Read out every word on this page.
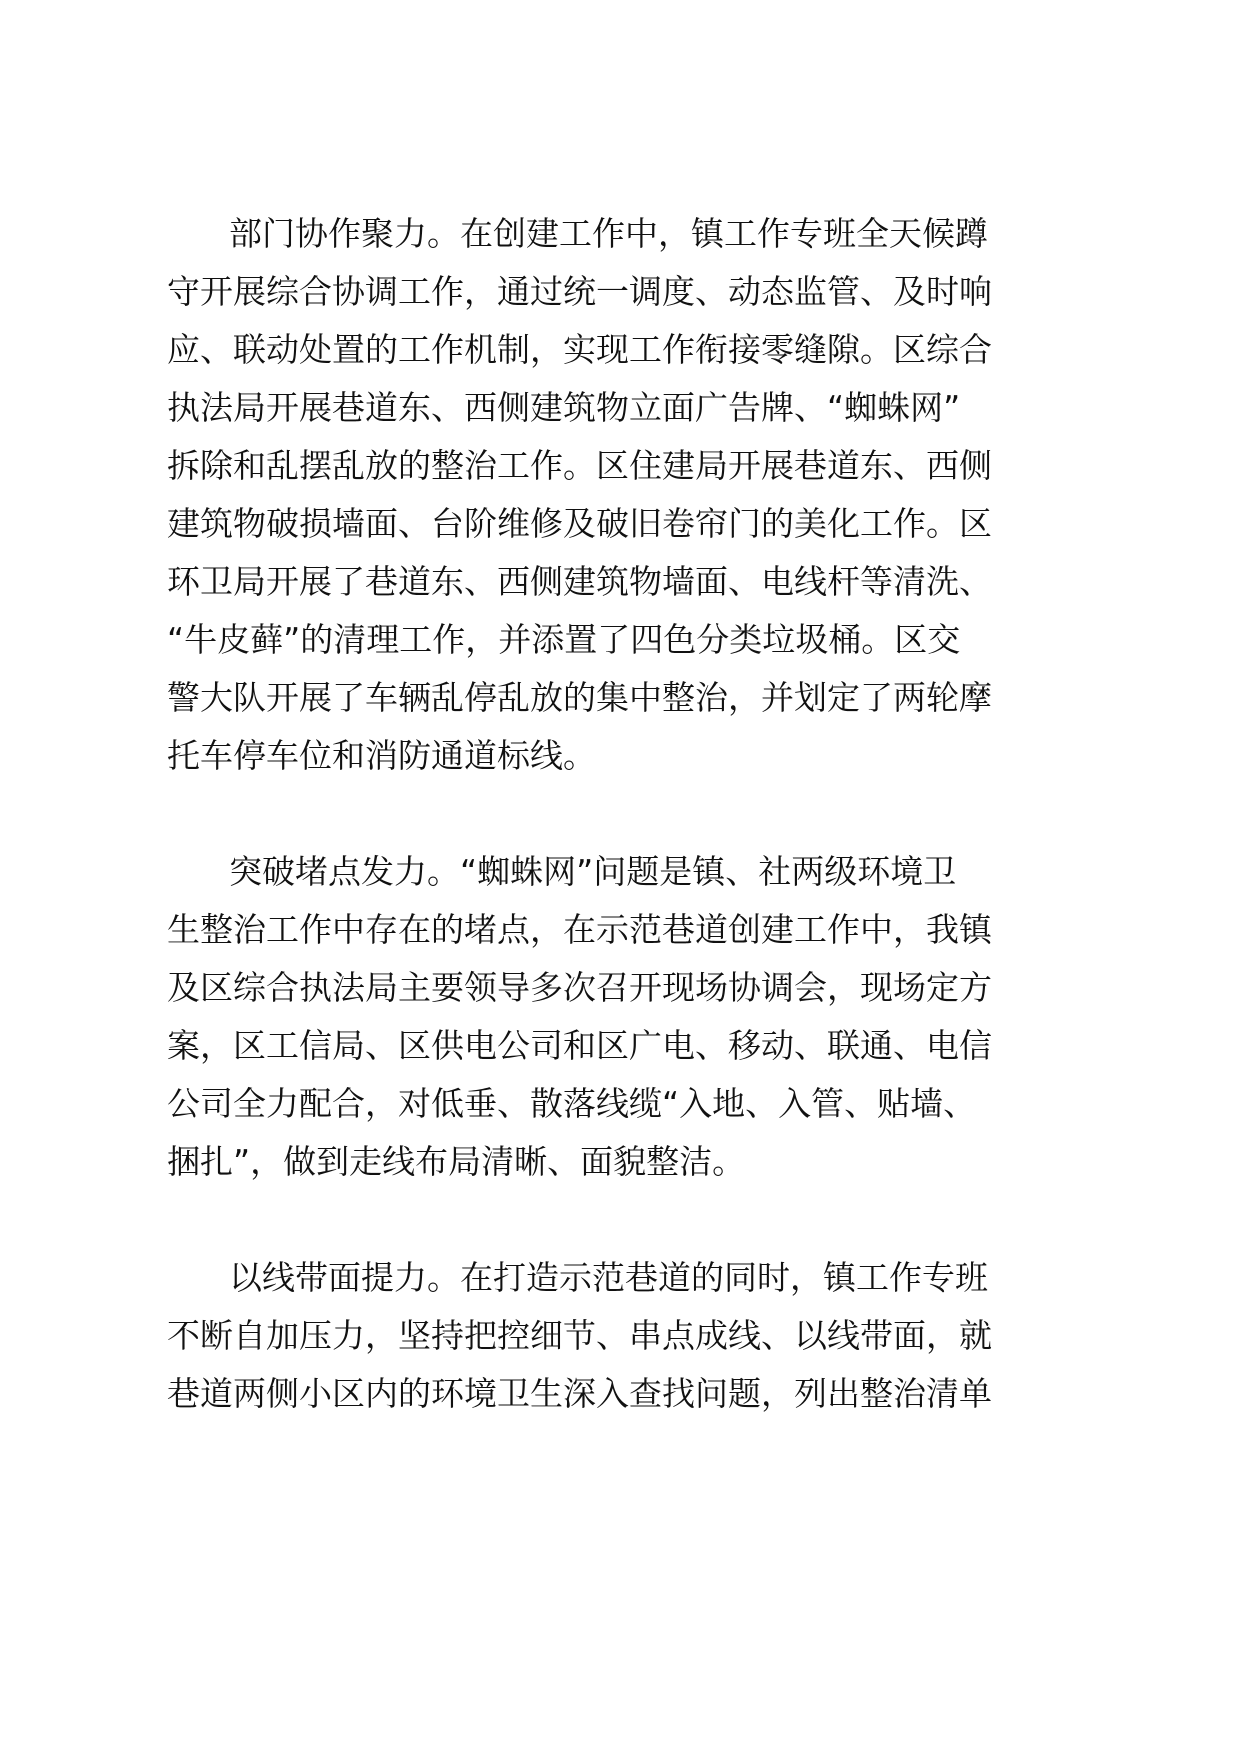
部门协作聚力。在创建工作中，镇工作专班全天候蹲
守开展综合协调工作，通过统一调度、动态监管、及时响
应、联动处置的工作机制，实现工作衔接零缝隙。区综合
执法局开展巷道东、西侧建筑物立面广告牌、“蜘蛛网”
拆除和乱摆乱放的整治工作。区住建局开展巷道东、西侧
建筑物破损墙面、台阶维修及破旧卷帘门的美化工作。区
环卫局开展了巷道东、西侧建筑物墙面、电线杆等清洗、
“牛皮藓”的清理工作，并添置了四色分类垃圾桶。区交
警大队开展了车辆乱停乱放的集中整治，并划定了两轮摩
托车停车位和消防通道标线。
突破堵点发力。“蜘蛛网”问题是镇、社两级环境卫
生整治工作中存在的堵点，在示范巷道创建工作中，我镇
及区综合执法局主要领导多次召开现场协调会，现场定方
案，区工信局、区供电公司和区广电、移动、联通、电信
公司全力配合，对低垂、散落线缆“入地、入管、贴墙、
捆扎”，做到走线布局清晰、面貌整洁。
以线带面提力。在打造示范巷道的同时，镇工作专班
不断自加压力，坚持把控细节、串点成线、以线带面，就
巷道两侧小区内的环境卫生深入查找问题，列出整治清单
